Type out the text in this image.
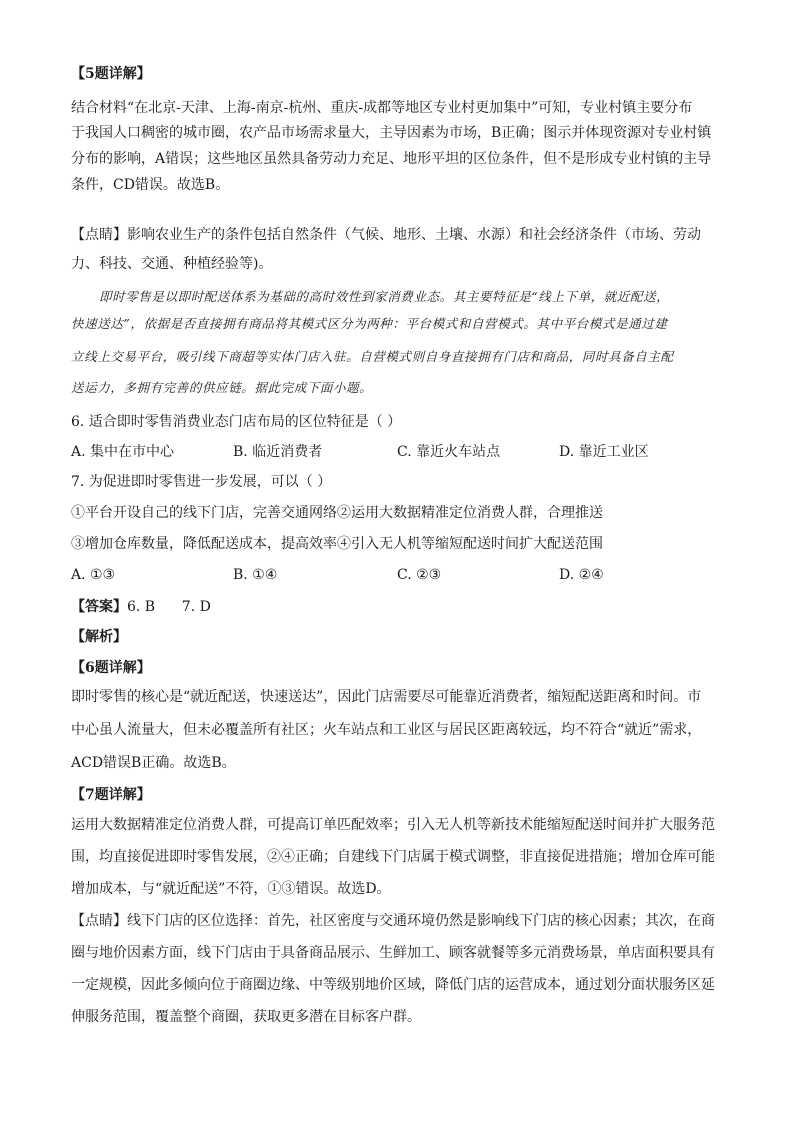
【5题详解】
结合材料“在北京-天津、上海-南京-杭州、重庆-成都等地区专业村更加集中”可知，专业村镇主要分布
于我国人口稠密的城市圈，农产品市场需求量大，主导因素为市场，B正确；图示并体现资源对专业村镇
分布的影响，A错误；这些地区虽然具备劳动力充足、地形平坦的区位条件，但不是形成专业村镇的主导
条件，CD错误。故选B。
【点睛】影响农业生产的条件包括自然条件（气候、地形、土壤、水源）和社会经济条件（市场、劳动
力、科技、交通、种植经验等)。
即时零售是以即时配送体系为基础的高时效性到家消费业态。其主要特征是“线上下单，就近配送，
快速送达”，依据是否直接拥有商品将其模式区分为两种：平台模式和自营模式。其中平台模式是通过建
立线上交易平台，吸引线下商超等实体门店入驻。自营模式则自身直接拥有门店和商品，同时具备自主配
送运力，多拥有完善的供应链。据此完成下面小题。
6. 适合即时零售消费业态门店布局的区位特征是（ ）
A. 集中在市中心	B. 临近消费者	C. 靠近火车站点	D. 靠近工业区
7. 为促进即时零售进一步发展，可以（ ）
①平台开设自己的线下门店，完善交通网络②运用大数据精准定位消费人群，合理推送
③增加仓库数量，降低配送成本，提高效率④引入无人机等缩短配送时间扩大配送范围
A. ①③	B. ①④	C. ②③	D. ②④
【答案】6. B      7. D
【解析】
【6题详解】
即时零售的核心是“就近配送，快速送达”，因此门店需要尽可能靠近消费者，缩短配送距离和时间。市
中心虽人流量大，但未必覆盖所有社区；火车站点和工业区与居民区距离较远，均不符合“就近”需求，
ACD错误B正确。故选B。
【7题详解】
运用大数据精准定位消费人群，可提高订单匹配效率；引入无人机等新技术能缩短配送时间并扩大服务范
围，均直接促进即时零售发展，②④正确；自建线下门店属于模式调整，非直接促进措施；增加仓库可能
增加成本，与“就近配送”不符，①③错误。故选D。
【点睛】线下门店的区位选择：首先，社区密度与交通环境仍然是影响线下门店的核心因素；其次，在商
圈与地价因素方面，线下门店由于具备商品展示、生鲜加工、顾客就餐等多元消费场景，单店面积要具有
一定规模，因此多倾向位于商圈边缘、中等级别地价区域，降低门店的运营成本，通过划分面状服务区延
伸服务范围，覆盖整个商圈，获取更多潜在目标客户群。
